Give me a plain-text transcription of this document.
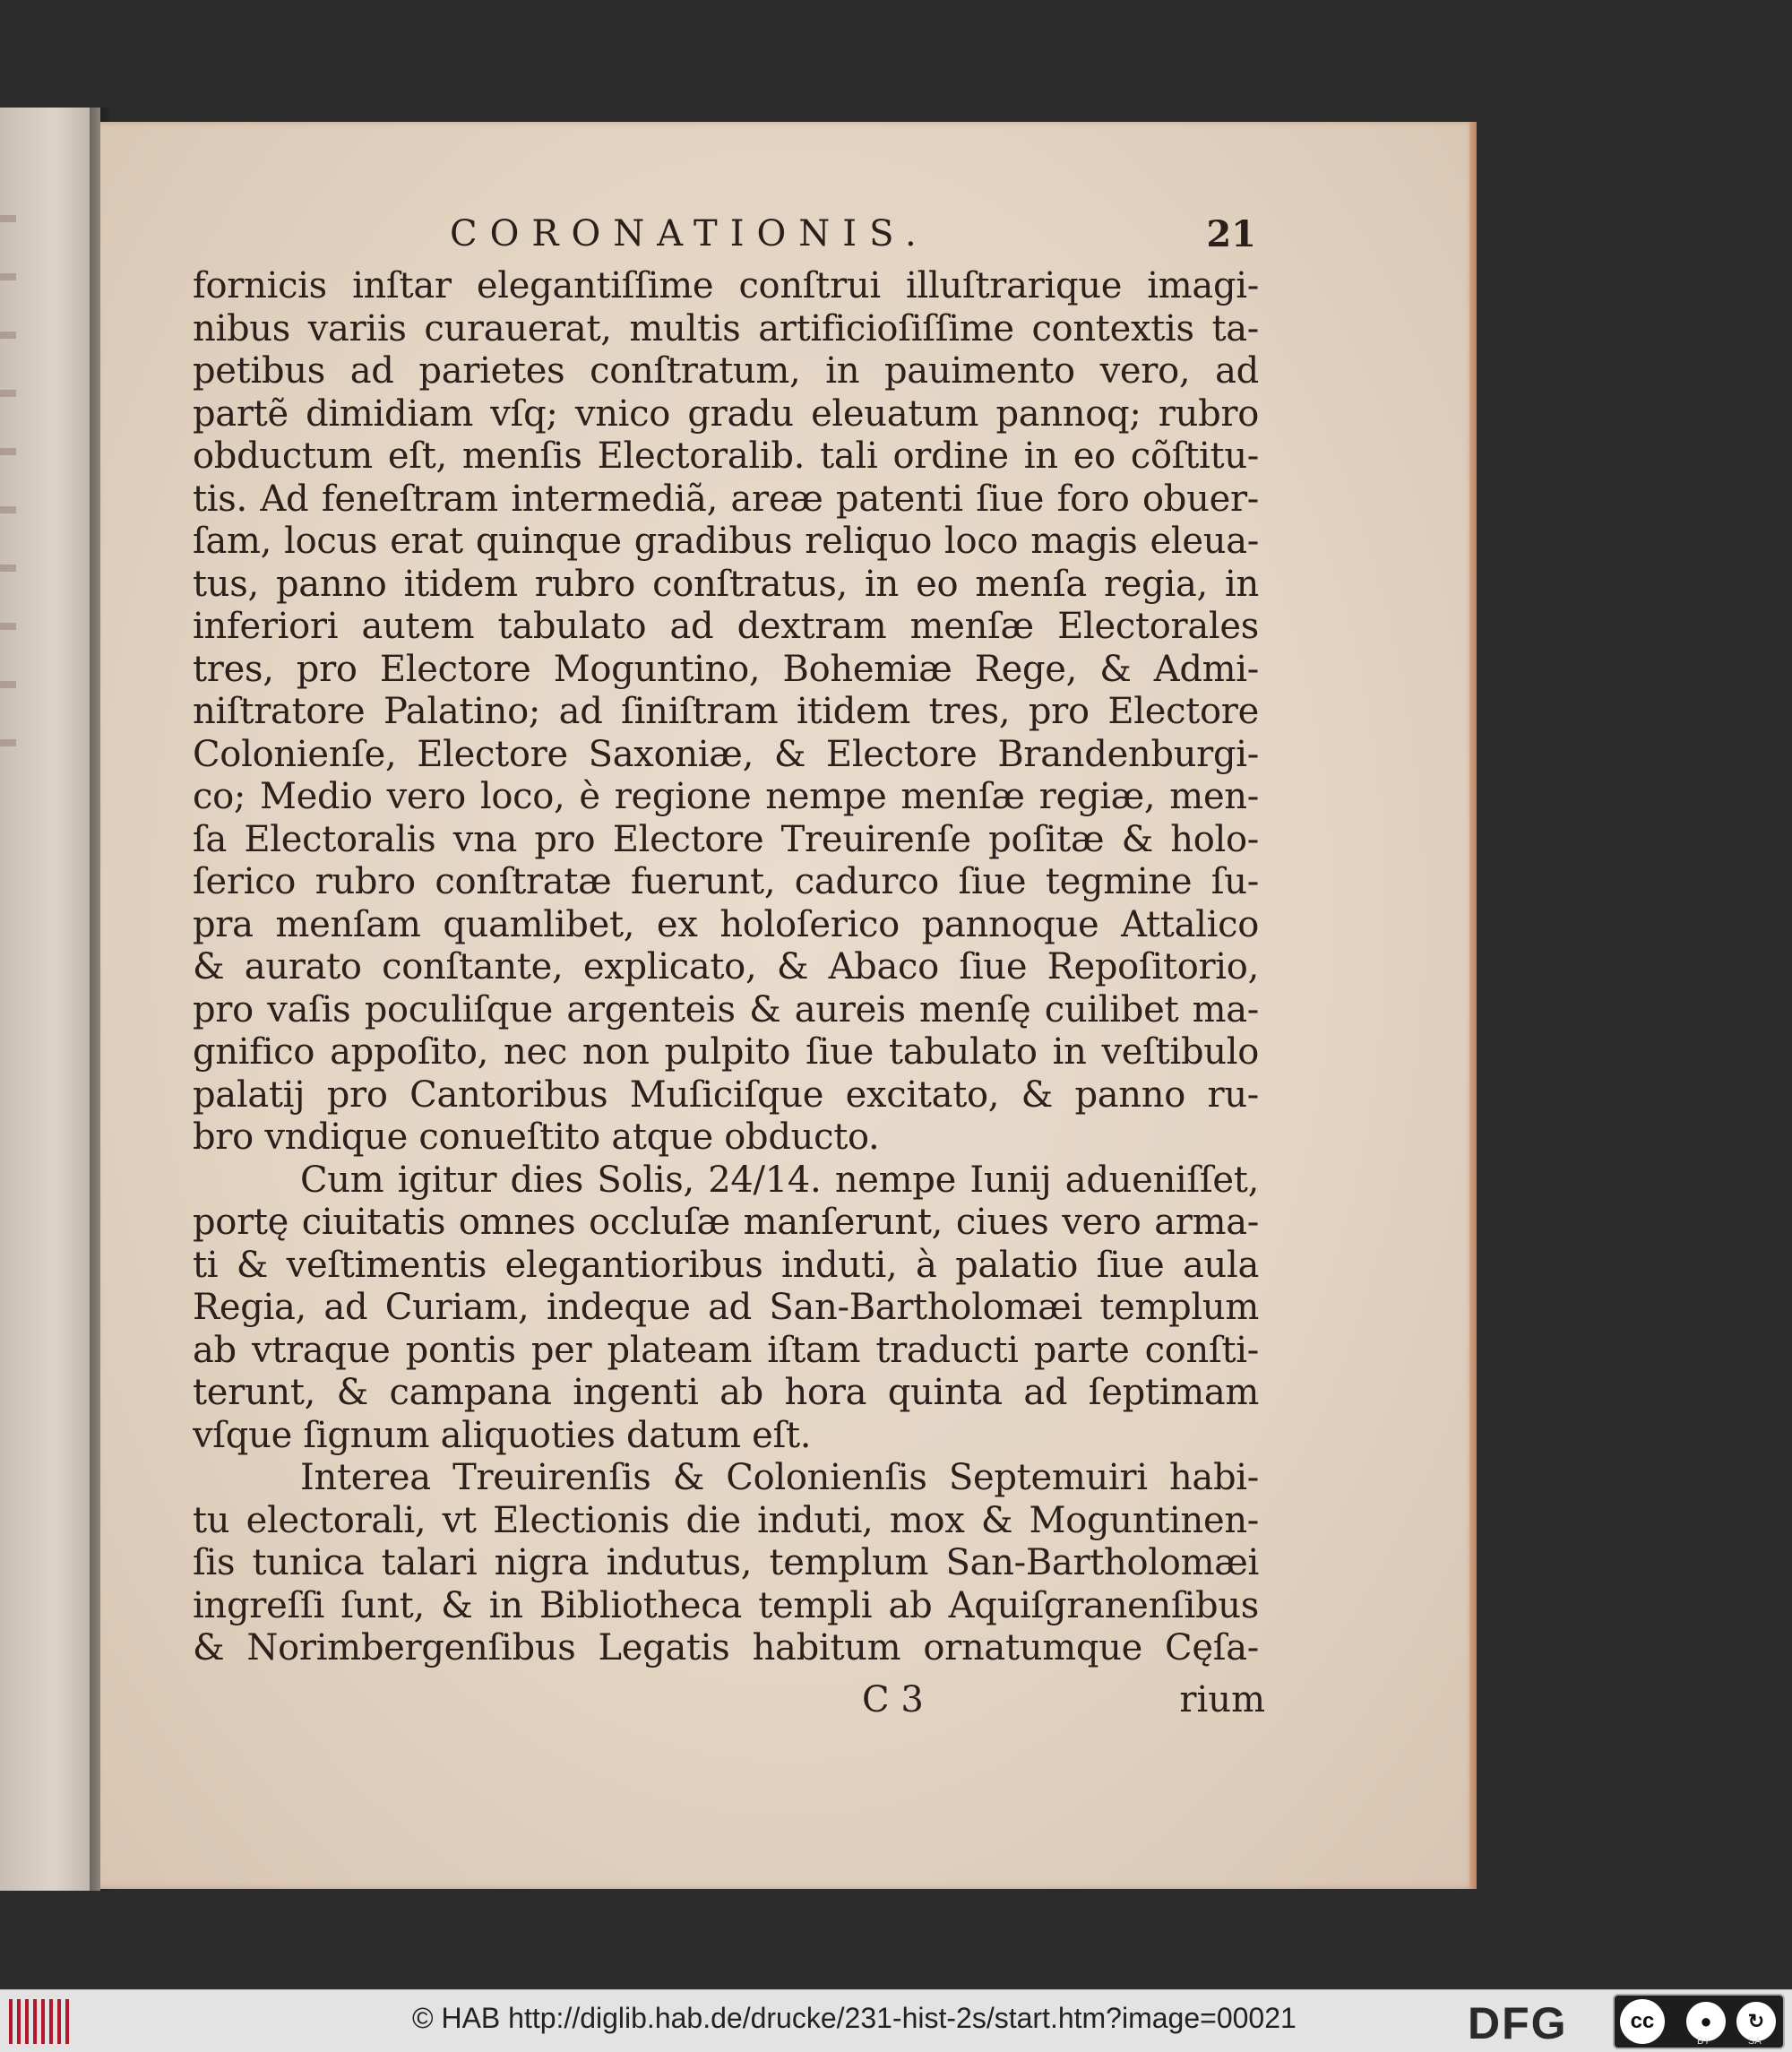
CORONATIONIS.	21
fornicis inſtar elegantiſſime conſtrui illuſtrarique imagi-
nibus variis curauerat, multis artificioſiſſime contextis ta-
petibus ad parietes conſtratum, in pauimento vero, ad
partẽ dimidiam vſq; vnico gradu eleuatum pannoq; rubro
obductum eſt, menſis Electoralib. tali ordine in eo cõſtitu-
tis. Ad feneſtram intermediã, areæ patenti ſiue foro obuer-
ſam, locus erat quinque gradibus reliquo loco magis eleua-
tus, panno itidem rubro conſtratus, in eo menſa regia, in
inferiori autem tabulato ad dextram menſæ Electorales
tres, pro Electore Moguntino, Bohemiæ Rege, & Admi-
niſtratore Palatino; ad ſiniſtram itidem tres, pro Electore
Colonienſe, Electore Saxoniæ, & Electore Brandenburgi-
co; Medio vero loco, è regione nempe menſæ regiæ, men-
ſa Electoralis vna pro Electore Treuirenſe poſitæ & holo-
ſerico rubro conſtratæ fuerunt, cadurco ſiue tegmine ſu-
pra menſam quamlibet, ex holoſerico pannoque Attalico
& aurato conſtante, explicato, & Abaco ſiue Repoſitorio,
pro vaſis poculiſque argenteis & aureis menſę cuilibet ma-
gnifico appoſito, nec non pulpito ſiue tabulato in veſtibulo
palatij pro Cantoribus Muſiciſque excitato, & panno ru-
bro vndique conueſtito atque obducto.
Cum igitur dies Solis, 24/14. nempe Iunij adueniſſet,
portę ciuitatis omnes occluſæ manſerunt, ciues vero arma-
ti & veſtimentis elegantioribus induti, à palatio ſiue aula
Regia, ad Curiam, indeque ad San-Bartholomæi templum
ab vtraque pontis per plateam iſtam traducti parte conſti-
terunt, & campana ingenti ab hora quinta ad ſeptimam
vſque ſignum aliquoties datum eſt.
Interea Treuirenſis & Colonienſis Septemuiri habi-
tu electorali, vt Electionis die induti, mox & Moguntinen-
ſis tunica talari nigra indutus, templum San-Bartholomæi
ingreſſi ſunt, & in Bibliotheca templi ab Aquiſgranenſibus
& Norimbergenſibus Legatis habitum ornatumque Cęſa-
C 3	rium
© HAB http://diglib.hab.de/drucke/231-hist-2s/start.htm?image=00021	DFG	cc	●	↻
BY	SA
